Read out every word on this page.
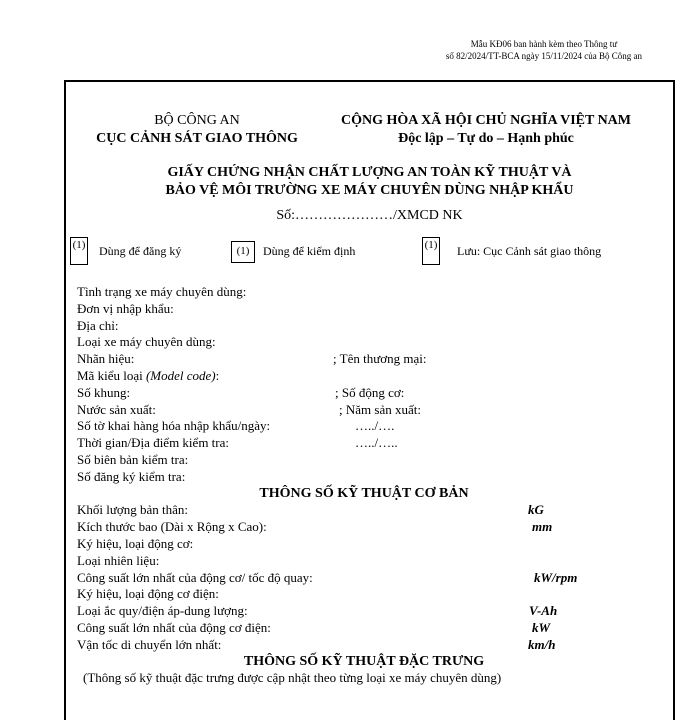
Mẫu KĐ06 ban hành kèm theo Thông tư
số 82/2024/TT-BCA ngày 15/11/2024 của Bộ Công an
BỘ CÔNG AN
CỤC CẢNH SÁT GIAO THÔNG
CỘNG HÒA XÃ HỘI CHỦ NGHĨA VIỆT NAM
Độc lập – Tự do – Hạnh phúc
GIẤY CHỨNG NHẬN CHẤT LƯỢNG AN TOÀN KỸ THUẬT VÀ
BẢO VỆ MÔI TRƯỜNG XE MÁY CHUYÊN DÙNG NHẬP KHẨU
Số:…………………/XMCD NK
(1) Dùng để đăng ký	(1)	Dùng để kiểm định	(1) Lưu: Cục Cảnh sát giao thông
Tình trạng xe máy chuyên dùng:
Đơn vị nhập khẩu:
Địa chỉ:
Loại xe máy chuyên dùng:
Nhãn hiệu:	; Tên thương mại:
Mã kiểu loại (Model code):
Số khung:	; Số động cơ:
Nước sản xuất:	; Năm sản xuất:
Số tờ khai hàng hóa nhập khẩu/ngày:	…../….
Thời gian/Địa điểm kiểm tra:	…../…..
Số biên bản kiểm tra:
Số đăng ký kiểm tra:
THÔNG SỐ KỸ THUẬT CƠ BẢN
Khối lượng bản thân:	kG
Kích thước bao (Dài x Rộng x Cao):	mm
Ký hiệu, loại động cơ:
Loại nhiên liệu:
Công suất lớn nhất của động cơ/ tốc độ quay:	kW/rpm
Ký hiệu, loại động cơ điện:
Loại ắc quy/điện áp-dung lượng:	V-Ah
Công suất lớn nhất của động cơ điện:	kW
Vận tốc di chuyển lớn nhất:	km/h
THÔNG SỐ KỸ THUẬT ĐẶC TRƯNG
(Thông số kỹ thuật đặc trưng được cập nhật theo từng loại xe máy chuyên dùng)
